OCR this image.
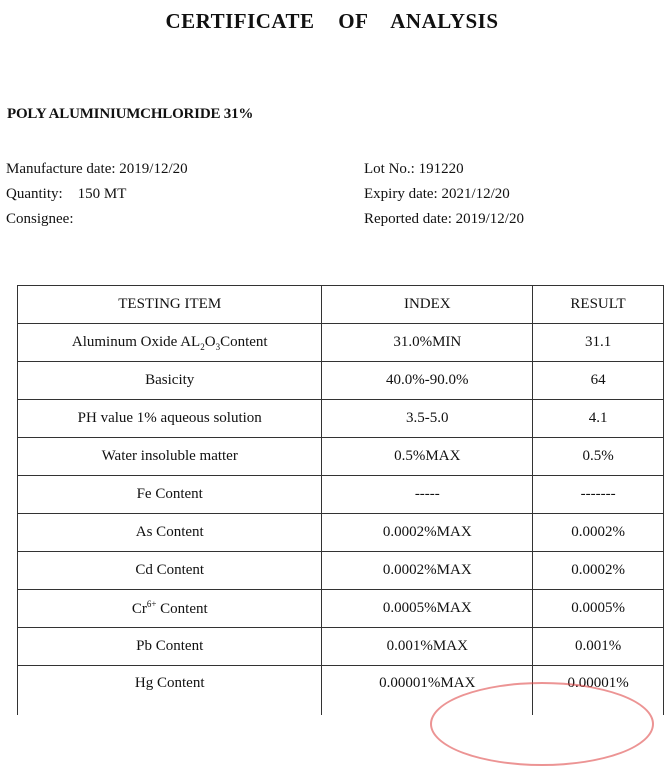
CERTIFICATE OF ANALYSIS
POLY ALUMINIUMCHLORIDE 31%
Manufacture date: 2019/12/20
Quantity: 150 MT
Consignee:
Lot No.: 191220
Expiry date: 2021/12/20
Reported date: 2019/12/20
TESTING ITEM	INDEX	RESULT
Aluminum Oxide $AL_2O_3Content$	31.0%MIN	31.1
Basicity	40.0%-90.0%	64
PH value 1% aqueous solution	3.5-5.0	4.1
Water insoluble matter	0.5%MAX	0.5%
Fe Content	-----	-------
As Content	0.0002%MAX	0.0002%
Cd Content	0.0002%MAX	0.0002%
$Cr^{6+}$ Content	0.0005%MAX	0.0005%
Pb Content	0.001%MAX	0.001%
Hg Content	0.00001%MAX	0.00001%
